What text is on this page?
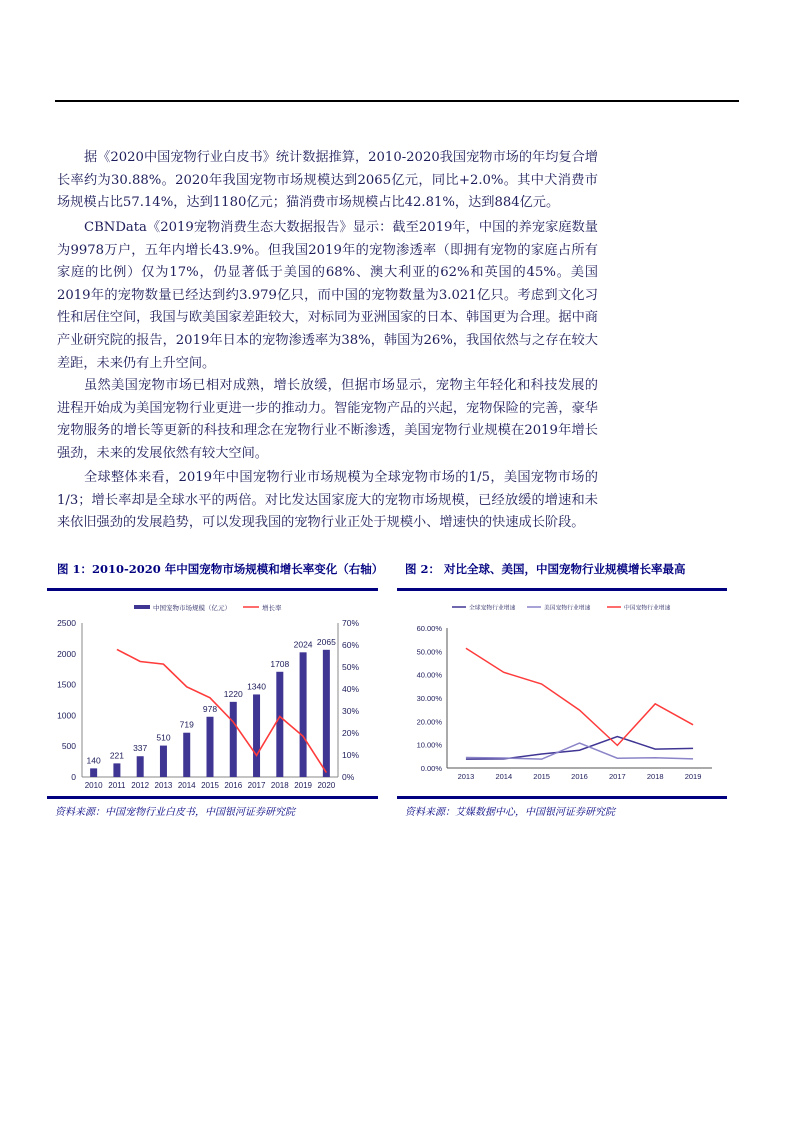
据《2020中国宠物行业白皮书》统计数据推算，2010-2020我国宠物市场的年均复合增长率约为30.88%。2020年我国宠物市场规模达到2065亿元，同比+2.0%。其中犬消费市场规模占比57.14%，达到1180亿元；猫消费市场规模占比42.81%，达到884亿元。

CBNData《2019宠物消费生态大数据报告》显示：截至2019年，中国的养宠家庭数量为9978万户，五年内增长43.9%。但我国2019年的宠物渗透率（即拥有宠物的家庭占所有家庭的比例）仅为17%，仍显著低于美国的68%、澳大利亚的62%和英国的45%。美国2019年的宠物数量已经达到约3.979亿只，而中国的宠物数量为3.021亿只。考虑到文化习性和居住空间，我国与欧美国家差距较大，对标同为亚洲国家的日本、韩国更为合理。据中商产业研究院的报告，2019年日本的宠物渗透率为38%，韩国为26%，我国依然与之存在较大差距，未来仍有上升空间。

虽然美国宠物市场已相对成熟，增长放缓，但据市场显示，宠物主年轻化和科技发展的进程开始成为美国宠物行业更进一步的推动力。智能宠物产品的兴起，宠物保险的完善，豪华宠物服务的增长等更新的科技和理念在宠物行业不断渗透，美国宠物行业规模在2019年增长强劲，未来的发展依然有较大空间。

全球整体来看，2019年中国宠物行业市场规模为全球宠物市场的1/5，美国宠物市场的1/3；增长率却是全球水平的两倍。对比发达国家庞大的宠物市场规模，已经放缓的增速和未来依旧强劲的发展趋势，可以发现我国的宠物行业正处于规模小、增速快的快速成长阶段。

图 1：2010-2020 年中国宠物市场规模和增长率变化（右轴） 图 2： 对比全球、美国，中国宠物行业规模增长率最高
0
500
1000
1500
2000
2500
0%
10%
20%
30%
40%
50%
60%
70%
140
2010
221
2011
337
2012
510
2013
719
2014
978
2015
1220
2016
1340
2017
1708
2018
2024
2019
2065
2020
中国宠物市场规模（亿元）	增长率
0.00%
10.00%
20.00%
30.00%
40.00%
50.00%
60.00%
2013	2014	2015	2016	2017	2018	2019
全球宠物行业增速	美国宠物行业增速	中国宠物行业增速
资料来源：中国宠物行业白皮书，中国银河证券研究院	资料来源：艾媒数据中心，中国银河证券研究院
